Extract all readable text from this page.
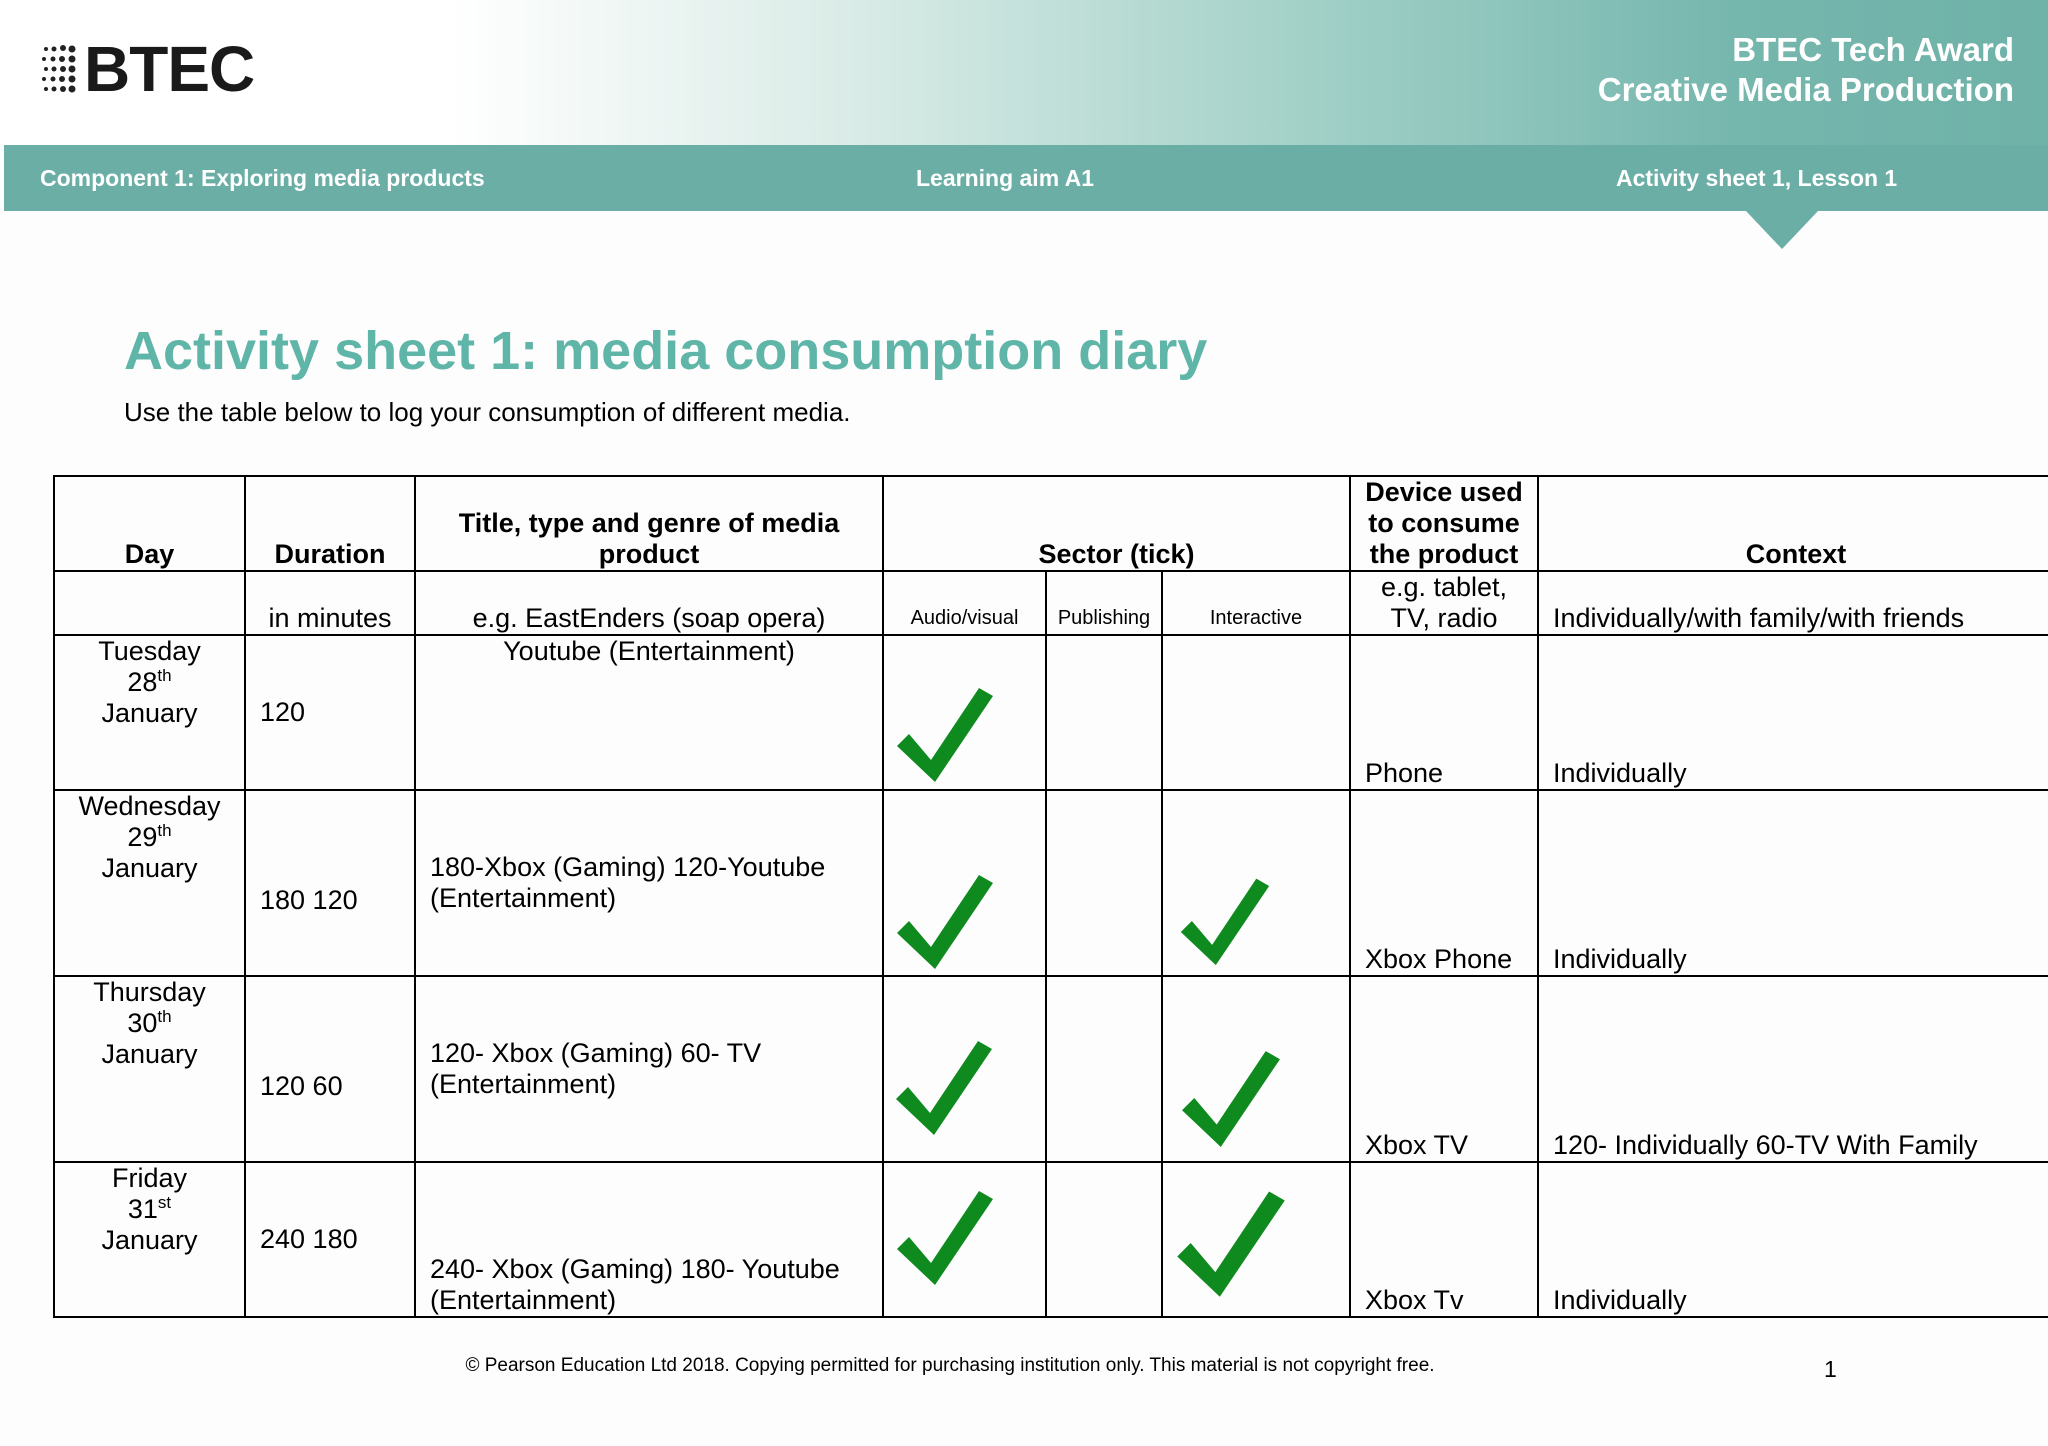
BTEC	BTEC Tech Award
Creative Media Production
Component 1: Exploring media products	Learning aim A1	Activity sheet 1, Lesson 1
Activity sheet 1: media consumption diary
Use the table below to log your consumption of different media.
Day	Duration	Title, type and genre of media product	Sector (tick)			Device used to consume the product	Context
	in minutes	e.g. EastEnders (soap opera)	Audio/visual	Publishing	Interactive	e.g. tablet, TV, radio	Individually/with family/with friends

Tuesday
28th
January	120	Youtube (Entertainment)				Phone	Individually

Wednesday
29th
January	180 120	180-Xbox (Gaming) 120-Youtube (Entertainment)				Xbox Phone	Individually

Thursday
30th
January	120 60	120- Xbox (Gaming) 60- TV (Entertainment)				Xbox TV	120- Individually 60-TV With Family

Friday
31st
January	240 180	240- Xbox (Gaming) 180- Youtube (Entertainment)				Xbox Tv	Individually
© Pearson Education Ltd 2018. Copying permitted for purchasing institution only. This material is not copyright free.	1
